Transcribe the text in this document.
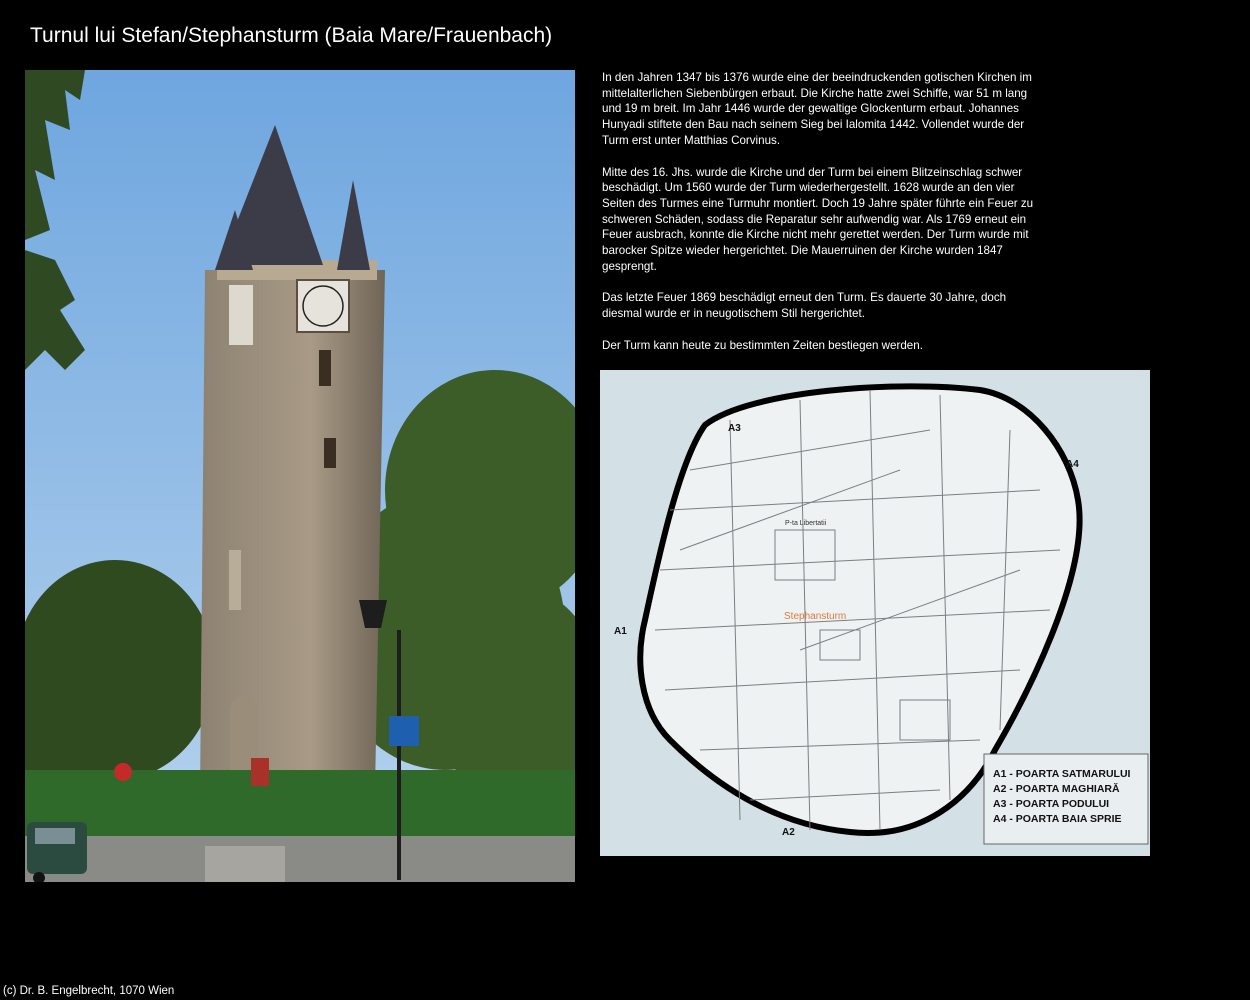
Turnul lui Stefan/Stephansturm (Baia Mare/Frauenbach)

In den Jahren 1347 bis 1376 wurde eine der beeindruckenden gotischen Kirchen im mittelalterlichen Siebenbürgen erbaut. Die Kirche hatte zwei Schiffe, war 51 m lang und 19 m breit. Im Jahr 1446 wurde der gewaltige Glockenturm erbaut. Johannes Hunyadi stiftete den Bau nach seinem Sieg bei Ialomita 1442. Vollendet wurde der Turm erst unter Matthias Corvinus.

Mitte des 16. Jhs. wurde die Kirche und der Turm bei einem Blitzeinschlag schwer beschädigt. Um 1560 wurde der Turm wiederhergestellt. 1628 wurde an den vier Seiten des Turmes eine Turmuhr montiert. Doch 19 Jahre später führte ein Feuer zu schweren Schäden, sodass die Reparatur sehr aufwendig war. Als 1769 erneut ein Feuer ausbrach, konnte die Kirche nicht mehr gerettet werden. Der Turm wurde mit barocker Spitze wieder hergerichtet. Die Mauerruinen der Kirche wurden 1847 gesprengt.

Das letzte Feuer 1869 beschädigt erneut den Turm. Es dauerte 30 Jahre, doch diesmal wurde er in neugotischem Stil hergerichtet.

Der Turm kann heute zu bestimmten Zeiten bestiegen werden.

P-ta Libertatii
A3
A4
A1
A2
Stephansturm
A1 - POARTA SATMARULUI
A2 - POARTA MAGHIARĂ
A3 - POARTA PODULUI
A4 - POARTA BAIA SPRIE
(c) Dr. B. Engelbrecht, 1070 Wien
